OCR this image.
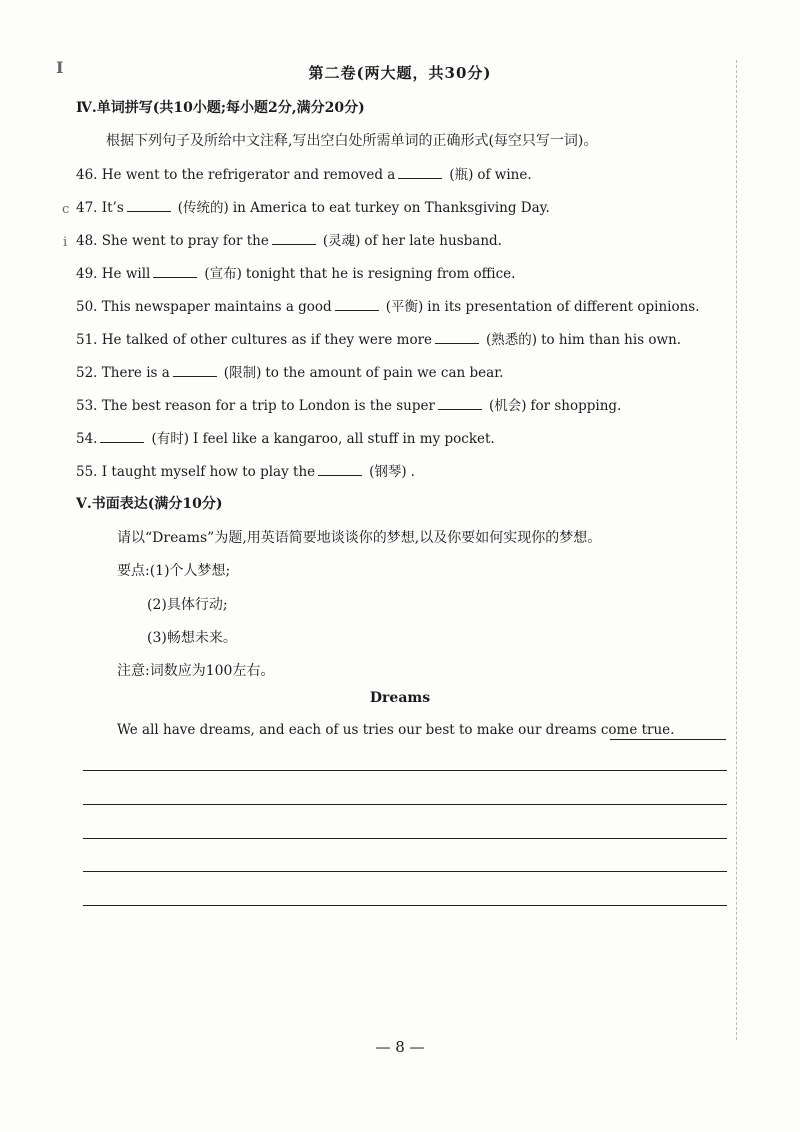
I
c
i
第二卷(两大题，共30分)
Ⅳ.单词拼写(共10小题;每小题2分,满分20分)
根据下列句子及所给中文注释,写出空白处所需单词的正确形式(每空只写一词)。
46. He went to the refrigerator and removed a	(瓶) of wine.
47. It’s	(传统的) in America to eat turkey on Thanksgiving Day.
48. She went to pray for the	(灵魂) of her late husband.
49. He will	(宣布) tonight that he is resigning from office.
50. This newspaper maintains a good	(平衡) in its presentation of different opinions.
51. He talked of other cultures as if they were more	(熟悉的) to him than his own.
52. There is a	(限制) to the amount of pain we can bear.
53. The best reason for a trip to London is the super	(机会) for shopping.
54.	(有时) I feel like a kangaroo, all stuff in my pocket.
55. I taught myself how to play the	(钢琴) .
Ⅴ.书面表达(满分10分)
请以“Dreams”为题,用英语简要地谈谈你的梦想,以及你要如何实现你的梦想。
要点:(1)个人梦想;
(2)具体行动;
(3)畅想未来。
注意:词数应为100左右。
Dreams
We all have dreams, and each of us tries our best to make our dreams come true.
— 8 —
